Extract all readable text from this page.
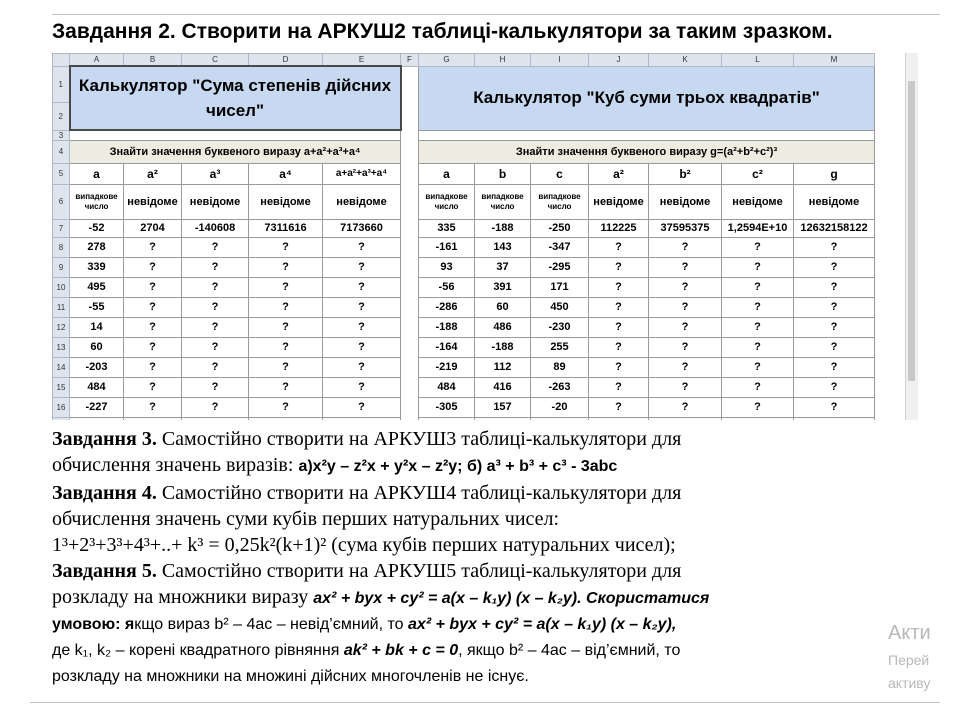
Завдання 2. Створити на АРКУШ2 таблиці-калькулятори за таким зразком.
	A	B	C	D	E	F	G	H	I	J	K	L	M
1	Калькулятор "Сума степенів дійсних чисел"						Калькулятор "Куб суми трьох квадратів"						
2													
3													
4	Знайти значення буквеного виразу a+a²+a³+a⁴						Знайти значення буквеного виразу g=(a²+b²+c²)³						
5	a	a²	a³	a⁴	a+a²+a³+a⁴		a	b	c	a²	b²	c²	g
6	випадкове число	невідоме	невідоме	невідоме	невідоме		випадкове число	випадкове число	випадкове число	невідоме	невідоме	невідоме	невідоме
7	-52	2704	-140608	7311616	7173660		335	-188	-250	112225	37595375	1,2594E+10	12632158122
8	278	?	?	?	?		-161	143	-347	?	?	?	?
9	339	?	?	?	?		93	37	-295	?	?	?	?
10	495	?	?	?	?		-56	391	171	?	?	?	?
11	-55	?	?	?	?		-286	60	450	?	?	?	?
12	14	?	?	?	?		-188	486	-230	?	?	?	?
13	60	?	?	?	?		-164	-188	255	?	?	?	?
14	-203	?	?	?	?		-219	112	89	?	?	?	?
15	484	?	?	?	?		484	416	-263	?	?	?	?
16	-227	?	?	?	?		-305	157	-20	?	?	?	?

Завдання 3. Самостійно створити на АРКУШ3 таблиці-калькулятори для
обчислення значень виразів: а)x²y – z²x + y²x – z²y; б) a³ + b³ + c³ - 3abc
Завдання 4. Самостійно створити на АРКУШ4 таблиці-калькулятори для
обчислення значень суми кубів перших натуральних чисел:
1³+2³+3³+4³+..+ k³ = 0,25k²(k+1)² (сума кубів перших натуральних чисел);
Завдання 5. Самостійно створити на АРКУШ5 таблиці-калькулятори для
розкладу на множники виразу ax² + byx + cy² = a(x – k₁y) (x – k₂y). Скористатися
умовою: якщо вираз b² – 4ac – невід’ємний, то ax² + byx + cy² = a(x – k₁y) (x – k₂y),
де k₁, k₂ – корені квадратного рівняння ak² + bk + c = 0, якщо b² – 4ac – від’ємний, то
розкладу на множники на множині дійсних многочленів не існує.
Акти
Перей
активу
